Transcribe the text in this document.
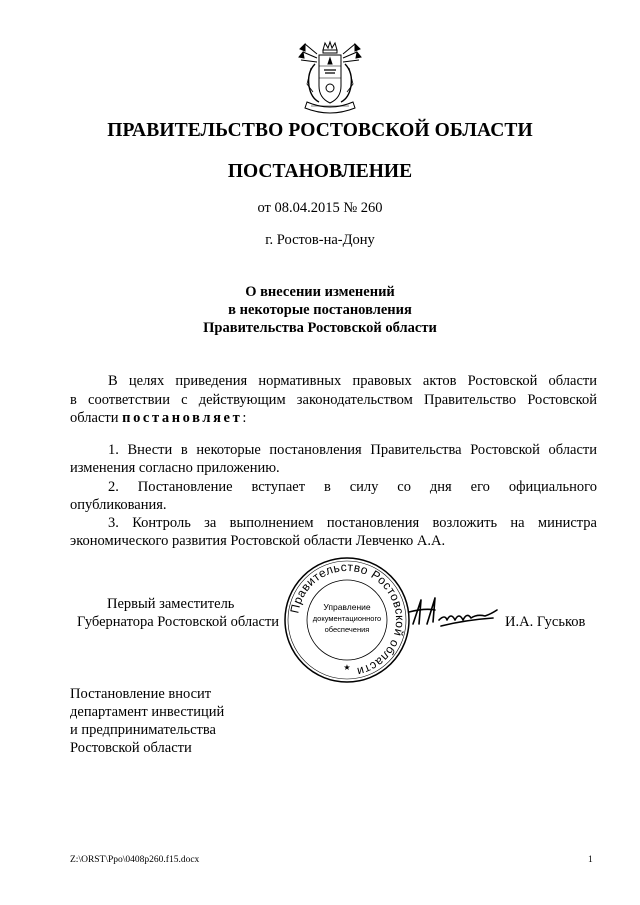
ПРАВИТЕЛЬСТВО РОСТОВСКОЙ ОБЛАСТИ
ПОСТАНОВЛЕНИЕ
от 08.04.2015 № 260
г. Ростов-на-Дону
О внесении изменений
в некоторые постановления
Правительства Ростовской области
В целях приведения нормативных правовых актов Ростовской области
в соответствии с действующим законодательством Правительство Ростовской
области постановляет:
1. Внести в некоторые постановления Правительства Ростовской области
изменения согласно приложению.
2. Постановление вступает в силу со дня его официального
опубликования.
3. Контроль за выполнением постановления возложить на министра
экономического развития Ростовской области Левченко А.А.
Правительство Ростовской области
Управление
документационного
обеспечения
★
Первый заместитель
Губернатора Ростовской области	И.А. Гуськов
Постановление вносит
департамент инвестиций
и предпринимательства
Ростовской области
Z:\ORST\Ppo\0408p260.f15.docx	1
